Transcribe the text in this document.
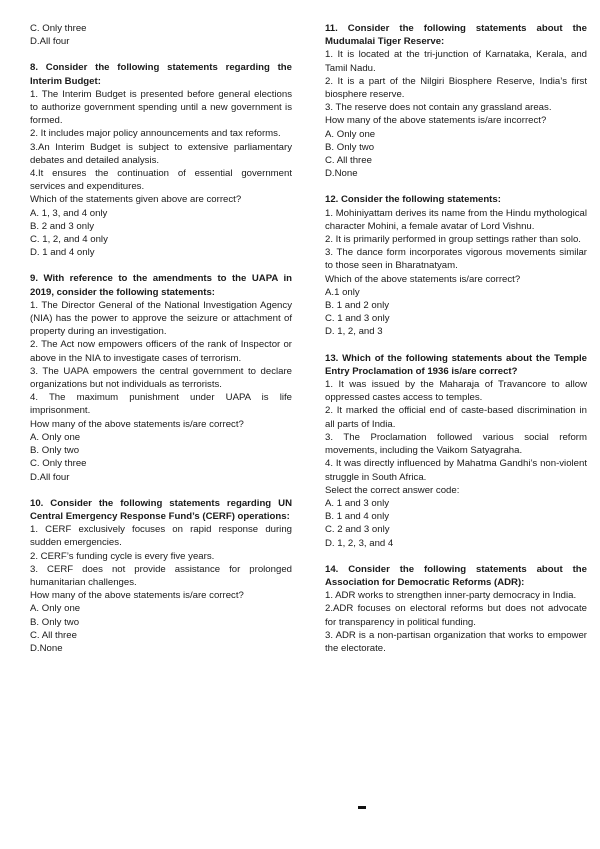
C. Only three
D.All four
8. Consider the following statements regarding the Interim Budget:
1. The Interim Budget is presented before general elections to authorize government spending until a new government is formed.
2. It includes major policy announcements and tax reforms.
3.An Interim Budget is subject to extensive parliamentary debates and detailed analysis.
4.It ensures the continuation of essential government services and expenditures.
Which of the statements given above are correct?
A. 1, 3, and 4 only
B. 2 and 3 only
C. 1, 2, and 4 only
D. 1 and 4 only
9. With reference to the amendments to the UAPA in 2019, consider the following statements:
1. The Director General of the National Investigation Agency (NIA) has the power to approve the seizure or attachment of property during an investigation.
2. The Act now empowers officers of the rank of Inspector or above in the NIA to investigate cases of terrorism.
3. The UAPA empowers the central government to declare organizations but not individuals as terrorists.
4. The maximum punishment under UAPA is life imprisonment.
How many of the above statements is/are correct?
A. Only one
B. Only two
C. Only three
D.All four
10. Consider the following statements regarding UN Central Emergency Response Fund’s (CERF) operations:
1. CERF exclusively focuses on rapid response during sudden emergencies.
2. CERF’s funding cycle is every five years.
3. CERF does not provide assistance for prolonged humanitarian challenges.
How many of the above statements is/are correct?
A. Only one
B. Only two
C. All three
D.None
11. Consider the following statements about the Mudumalai Tiger Reserve:
1. It is located at the tri-junction of Karnataka, Kerala, and Tamil Nadu.
2. It is a part of the Nilgiri Biosphere Reserve, India’s first biosphere reserve.
3. The reserve does not contain any grassland areas.
How many of the above statements is/are incorrect?
A. Only one
B. Only two
C. All three
D.None
12. Consider the following statements:
1. Mohiniyattam derives its name from the Hindu mythological character Mohini, a female avatar of Lord Vishnu.
2. It is primarily performed in group settings rather than solo.
3. The dance form incorporates vigorous movements similar to those seen in Bharatnatyam.
Which of the above statements is/are correct?
A.1 only
B. 1 and 2 only
C. 1 and 3 only
D. 1, 2, and 3
13. Which of the following statements about the Temple Entry Proclamation of 1936 is/are correct?
1. It was issued by the Maharaja of Travancore to allow oppressed castes access to temples.
2. It marked the official end of caste-based discrimination in all parts of India.
3. The Proclamation followed various social reform movements, including the Vaikom Satyagraha.
4. It was directly influenced by Mahatma Gandhi’s non-violent struggle in South Africa.
Select the correct answer code:
A. 1 and 3 only
B. 1 and 4 only
C. 2 and 3 only
D. 1, 2, 3, and 4
14. Consider the following statements about the Association for Democratic Reforms (ADR):
1. ADR works to strengthen inner-party democracy in India.
2.ADR focuses on electoral reforms but does not advocate for transparency in political funding.
3. ADR is a non-partisan organization that works to empower the electorate.
